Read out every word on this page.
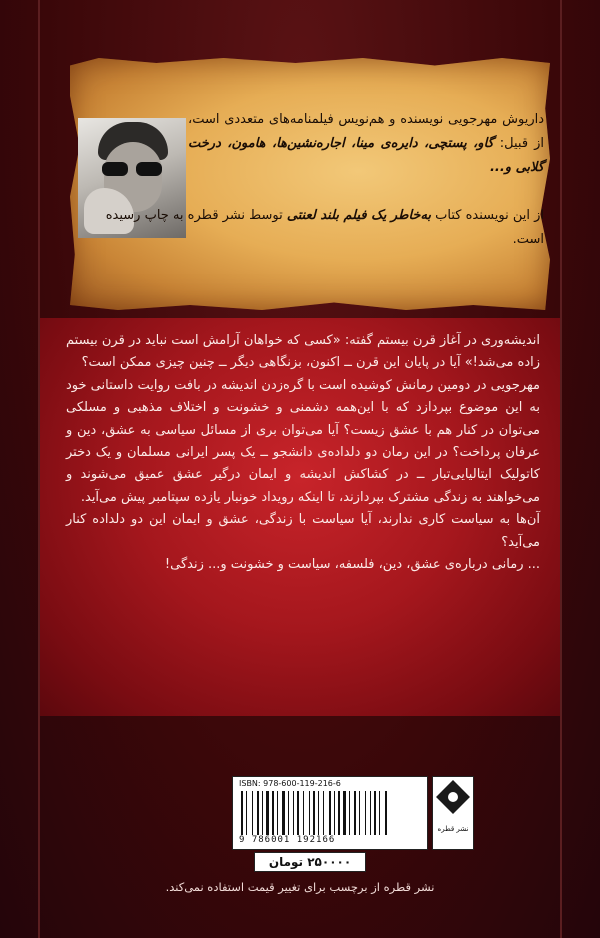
داریوش مهرجویی نویسنده و هم‌نویس فیلمنامه‌های متعددی است، از قبیل: گاو، پستچی، دایره‌ی مینا، اجاره‌نشین‌ها، هامون، درخت گلابی و...
از این نویسنده کتاب به‌خاطر یک فیلم بلند لعنتی توسط نشر قطره به چاپ رسیده است.

اندیشه‌وری در آغاز قرن بیستم گفته: «کسی که خواهان آرامش است نباید در قرن بیستم زاده می‌شد!» آیا در پایان این قرن ــ اکنون، بزنگاهی دیگر ــ چنین چیزی ممکن است؟

مهرجویی در دومین رمانش کوشیده است با گره‌زدن اندیشه در بافت روایت داستانی خود به این موضوع بپردازد که با این‌همه دشمنی و خشونت و اختلاف مذهبی و مسلکی می‌توان در کنار هم با عشق زیست؟ آیا می‌توان بری از مسائل سیاسی به عشق، دین و عرفان پرداخت؟ در این رمان دو دلداده‌ی دانشجو ــ یک پسر ایرانی مسلمان و یک دختر کاتولیک ایتالیایی‌تبار ــ در کشاکش اندیشه و ایمان درگیر عشق عمیق می‌شوند و می‌خواهند به زندگی مشترک بپردازند، تا اینکه رویداد خونبار یازده سپتامبر پیش می‌آید.

آن‌ها به سیاست کاری ندارند، آیا سیاست با زندگی، عشق و ایمان این دو دلداده کنار می‌آید؟

... رمانی درباره‌ی عشق، دین، فلسفه، سیاست و خشونت و... زندگی!

ISBN: 978-600-119-216-6
9 786001 192166
نشر قطره
۲۵۰۰۰۰ تومان
نشر قطره از برچسب برای تغییر قیمت استفاده نمی‌کند.
